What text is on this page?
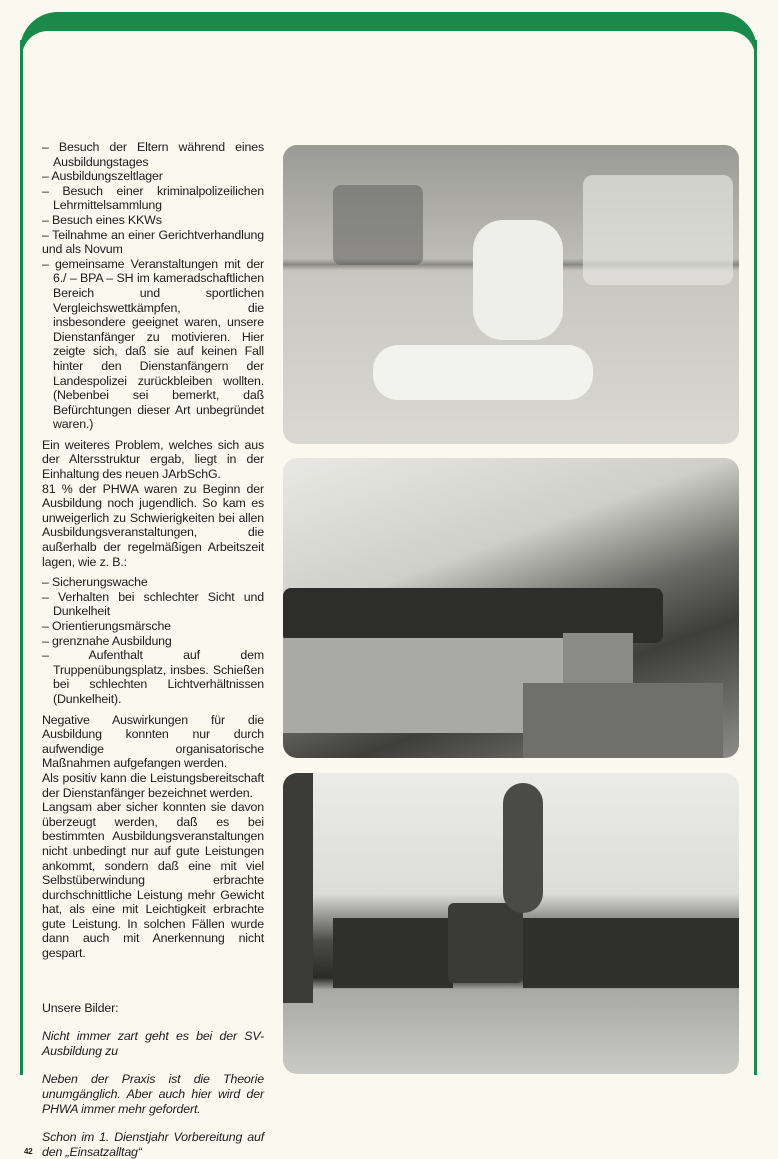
– Besuch der Eltern während eines Ausbildungstages

– Ausbildungszeltlager

– Besuch einer kriminalpolizeilichen Lehrmittelsammlung

– Besuch eines KKWs

– Teilnahme an einer Gerichtverhandlung und als Novum

– gemeinsame Veranstaltungen mit der 6./ – BPA – SH im kameradschaftlichen Bereich und sportlichen Vergleichswettkämpfen, die insbesondere geeignet waren, unsere Dienstanfänger zu motivieren. Hier zeigte sich, daß sie auf keinen Fall hinter den Dienstanfängern der Landespolizei zurückbleiben wollten. (Nebenbei sei bemerkt, daß Befürchtungen dieser Art unbegründet waren.)

Ein weiteres Problem, welches sich aus der Altersstruktur ergab, liegt in der Einhaltung des neuen JArbSchG.

81 % der PHWA waren zu Beginn der Ausbildung noch jugendlich. So kam es unweigerlich zu Schwierigkeiten bei allen Ausbildungsveranstaltungen, die außerhalb der regelmäßigen Arbeitszeit lagen, wie z. B.:

– Sicherungswache

– Verhalten bei schlechter Sicht und Dunkelheit

– Orientierungsmärsche

– grenznahe Ausbildung

– Aufenthalt auf dem Truppenübungsplatz, insbes. Schießen bei schlechten Lichtverhältnissen (Dunkelheit).

Negative Auswirkungen für die Ausbildung konnten nur durch aufwendige organisatorische Maßnahmen aufgefangen werden.

Als positiv kann die Leistungsbereitschaft der Dienstanfänger bezeichnet werden.

Langsam aber sicher konnten sie davon überzeugt werden, daß es bei bestimmten Ausbildungsveranstaltungen nicht unbedingt nur auf gute Leistungen ankommt, sondern daß eine mit viel Selbstüberwindung erbrachte durchschnittliche Leistung mehr Gewicht hat, als eine mit Leichtigkeit erbrachte gute Leistung. In solchen Fällen wurde dann auch mit Anerkennung nicht gespart.

Unsere Bilder:

Nicht immer zart geht es bei der SV-Ausbildung zu

Neben der Praxis ist die Theorie unumgänglich. Aber auch hier wird der PHWA immer mehr gefordert.

Schon im 1. Dienstjahr Vorbereitung auf den „Einsatzalltag“

42
